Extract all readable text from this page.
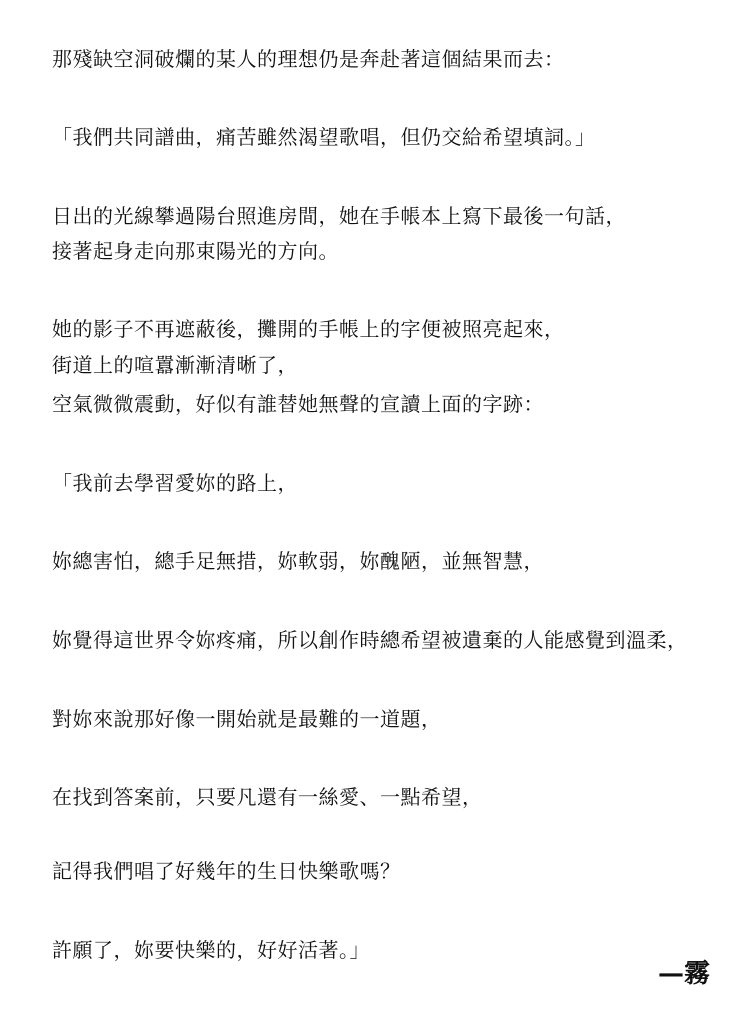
那殘缺空洞破爛的某人的理想仍是奔赴著這個結果而去：
「我們共同譜曲，痛苦雖然渴望歌唱，但仍交給希望填詞。」
日出的光線攀過陽台照進房間，她在手帳本上寫下最後一句話，
接著起身走向那束陽光的方向。
她的影子不再遮蔽後，攤開的手帳上的字便被照亮起來，
街道上的喧囂漸漸清晰了，
空氣微微震動，好似有誰替她無聲的宣讀上面的字跡：
「我前去學習愛妳的路上，
妳總害怕，總手足無措，妳軟弱，妳醜陋，並無智慧，
妳覺得這世界令妳疼痛，所以創作時總希望被遺棄的人能感覺到溫柔，
對妳來說那好像一開始就是最難的一道題，
在找到答案前，只要凡還有一絲愛、一點希望，
記得我們唱了好幾年的生日快樂歌嗎？
許願了，妳要快樂的，好好活著。」
—霧
